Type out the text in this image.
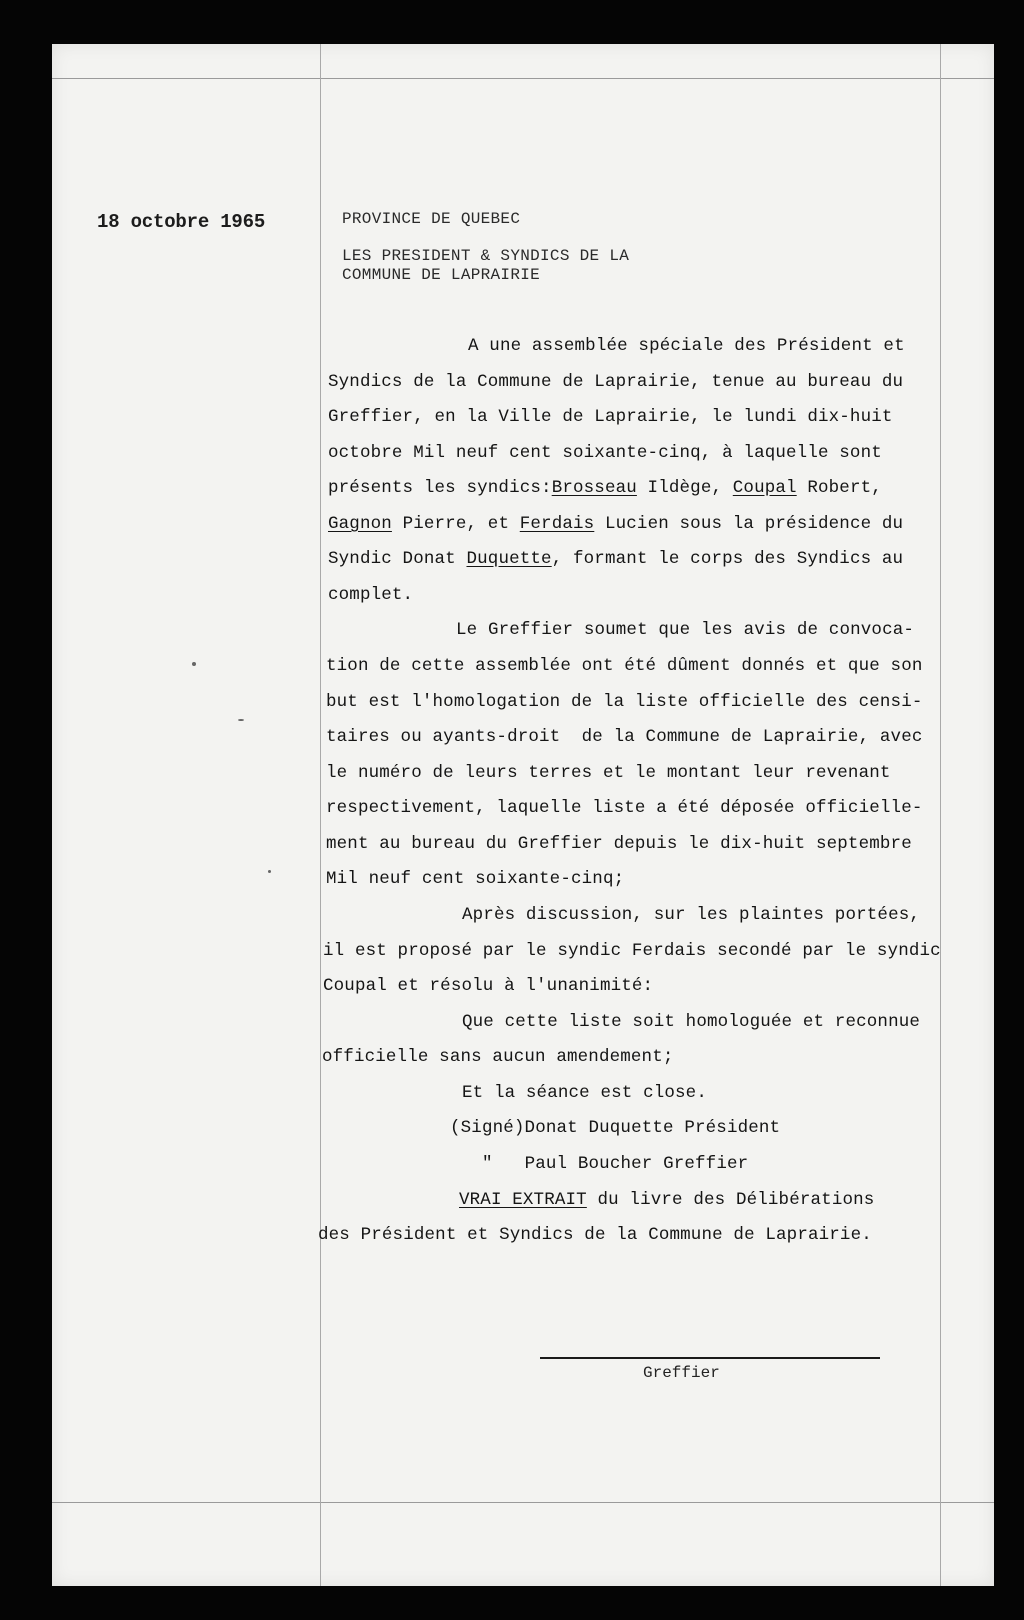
18 octobre 1965	PROVINCE DE QUEBEC
LES PRESIDENT & SYNDICS DE LA
COMMUNE DE LAPRAIRIE
A une assemblée spéciale des Président et
Syndics de la Commune de Laprairie, tenue au bureau du
Greffier, en la Ville de Laprairie, le lundi dix-huit
octobre Mil neuf cent soixante-cinq, à laquelle sont
présents les syndics:Brosseau Ildège, Coupal Robert,
Gagnon Pierre, et Ferdais Lucien sous la présidence du
Syndic Donat Duquette, formant le corps des Syndics au
complet.
Le Greffier soumet que les avis de convoca-
tion de cette assemblée ont été dûment donnés et que son
but est l'homologation de la liste officielle des censi-
taires ou ayants-droit  de la Commune de Laprairie, avec
le numéro de leurs terres et le montant leur revenant
respectivement, laquelle liste a été déposée officielle-
ment au bureau du Greffier depuis le dix-huit septembre
Mil neuf cent soixante-cinq;
Après discussion, sur les plaintes portées,
il est proposé par le syndic Ferdais secondé par le syndic
Coupal et résolu à l'unanimité:
Que cette liste soit homologuée et reconnue
officielle sans aucun amendement;
Et la séance est close.
(Signé)Donat Duquette Président
"   Paul Boucher Greffier
VRAI EXTRAIT du livre des Délibérations
des Président et Syndics de la Commune de Laprairie.
Greffier
